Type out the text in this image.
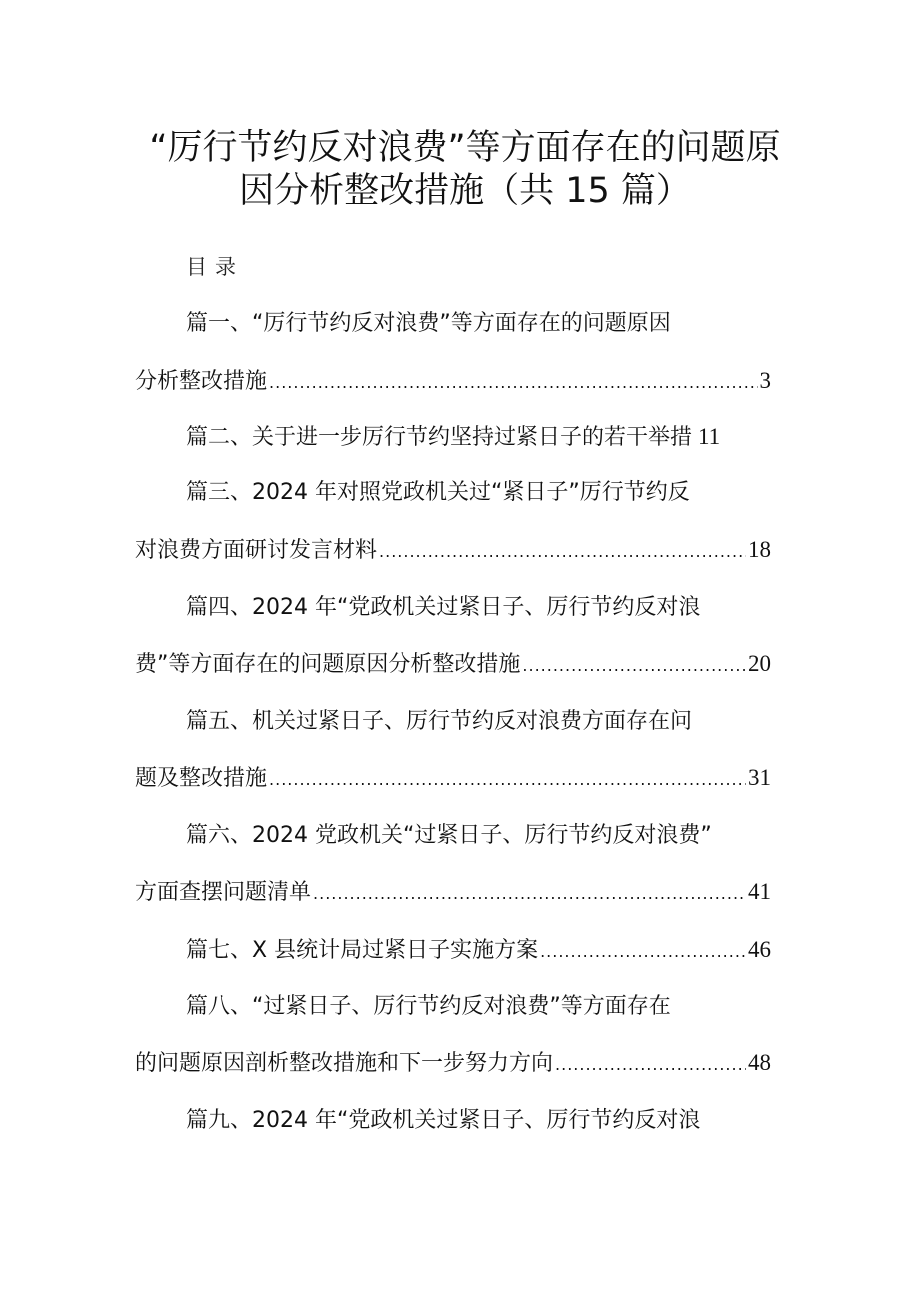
“厉行节约反对浪费”等方面存在的问题原
因分析整改措施（共 15 篇）
目录
篇一、“厉行节约反对浪费”等方面存在的问题原因
分析整改措施 .....	3
篇二、关于进一步厉行节约坚持过紧日子的若干举措 11
篇三、2024 年对照党政机关过“紧日子”厉行节约反
对浪费方面研讨发言材料 .....	18
篇四、2024 年“党政机关过紧日子、厉行节约反对浪
费”等方面存在的问题原因分析整改措施 .....	20
篇五、机关过紧日子、厉行节约反对浪费方面存在问
题及整改措施 .....	31
篇六、2024 党政机关“过紧日子、厉行节约反对浪费”
方面查摆问题清单 .....	41
篇七、X 县统计局过紧日子实施方案 .....	46
篇八、“过紧日子、厉行节约反对浪费”等方面存在
的问题原因剖析整改措施和下一步努力方向 .....	48
篇九、2024 年“党政机关过紧日子、厉行节约反对浪
